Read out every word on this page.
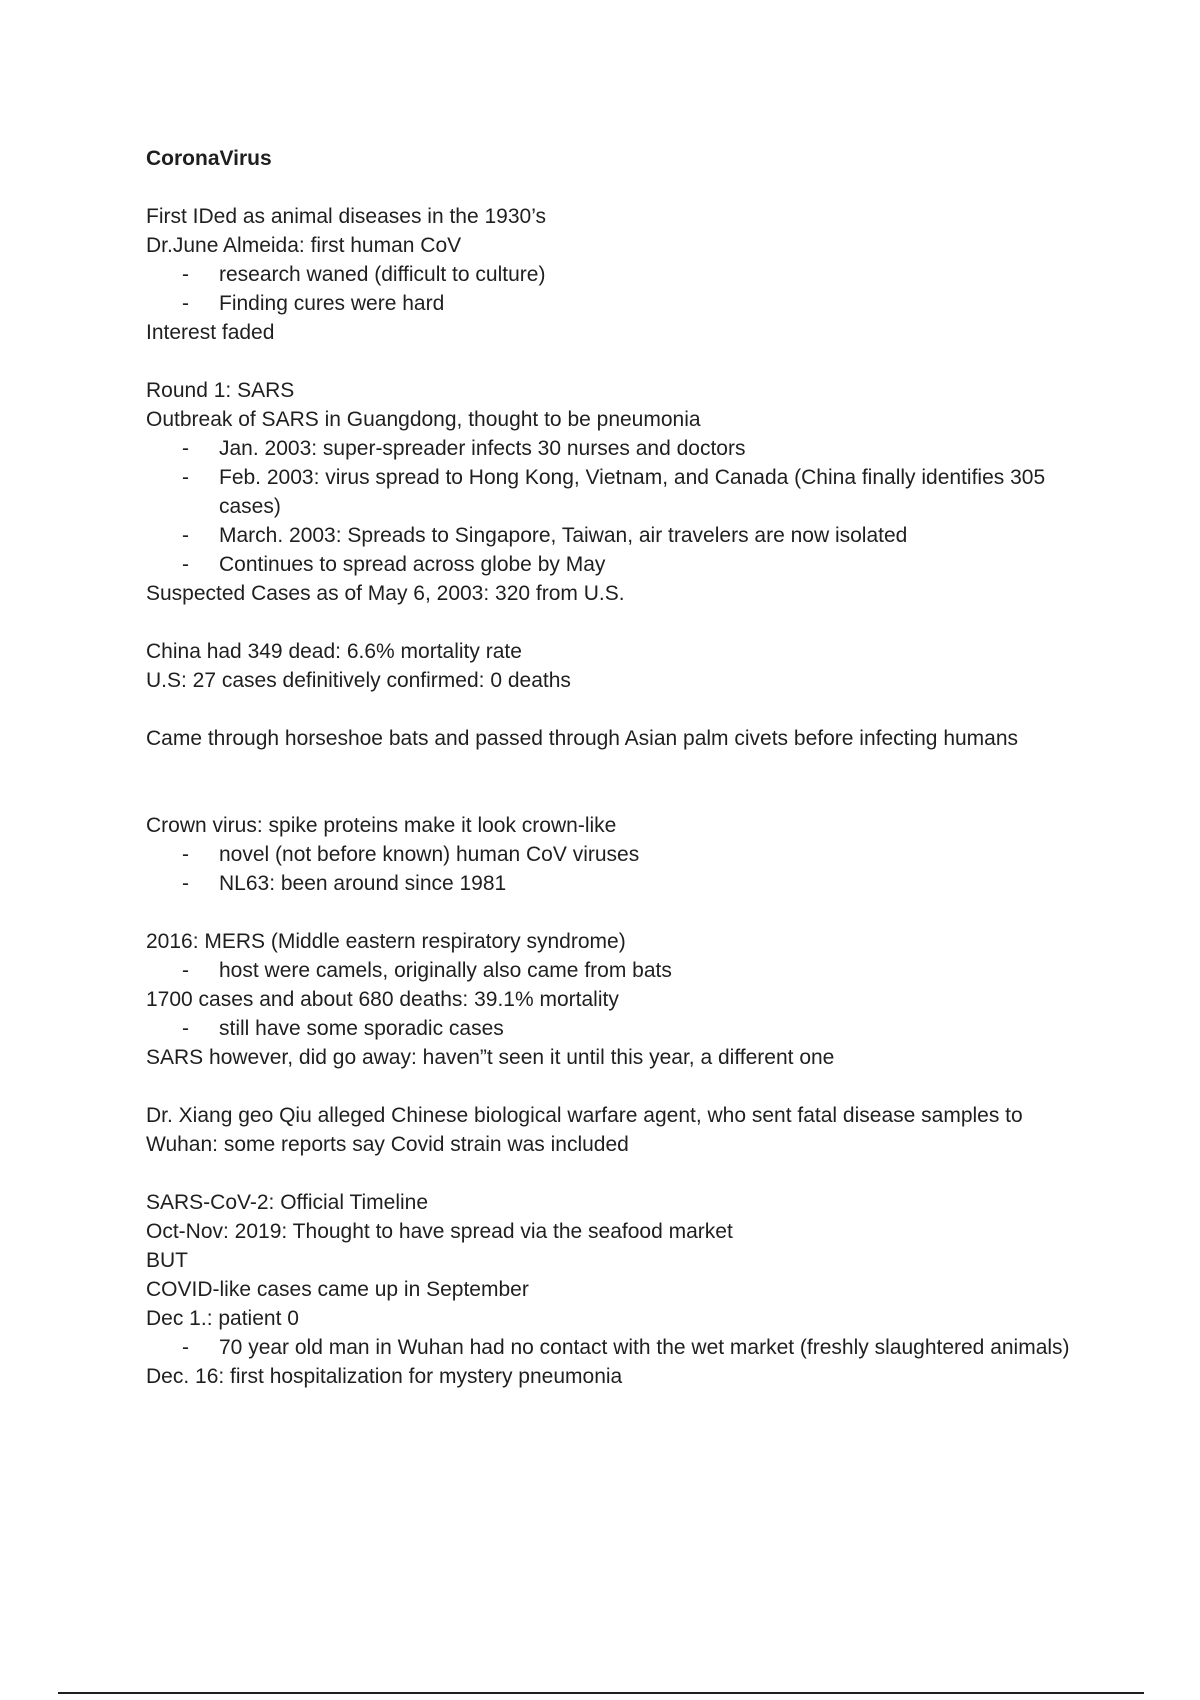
CoronaVirus
First IDed as animal diseases in the 1930’s
Dr.June Almeida: first human CoV
- research waned (difficult to culture)
- Finding cures were hard
Interest faded
Round 1: SARS
Outbreak of SARS in Guangdong, thought to be pneumonia
- Jan. 2003: super-spreader infects 30 nurses and doctors
- Feb. 2003: virus spread to Hong Kong, Vietnam, and Canada (China finally identifies 305 cases)
- March. 2003: Spreads to Singapore, Taiwan, air travelers are now isolated
- Continues to spread across globe by May
Suspected Cases as of May 6, 2003: 320 from U.S.
China had 349 dead: 6.6% mortality rate
U.S: 27 cases definitively confirmed: 0 deaths
Came through horseshoe bats and passed through Asian palm civets before infecting humans
Crown virus: spike proteins make it look crown-like
- novel (not before known) human CoV viruses
- NL63: been around since 1981
2016: MERS (Middle eastern respiratory syndrome)
- host were camels, originally also came from bats
1700 cases and about 680 deaths: 39.1% mortality
- still have some sporadic cases
SARS however, did go away: haven”t seen it until this year, a different one
Dr. Xiang geo Qiu alleged Chinese biological warfare agent, who sent fatal disease samples to Wuhan: some reports say Covid strain was included
SARS-CoV-2: Official Timeline
Oct-Nov: 2019: Thought to have spread via the seafood market
BUT
COVID-like cases came up in September
Dec 1.: patient 0
- 70 year old man in Wuhan had no contact with the wet market (freshly slaughtered animals)
Dec. 16: first hospitalization for mystery pneumonia
